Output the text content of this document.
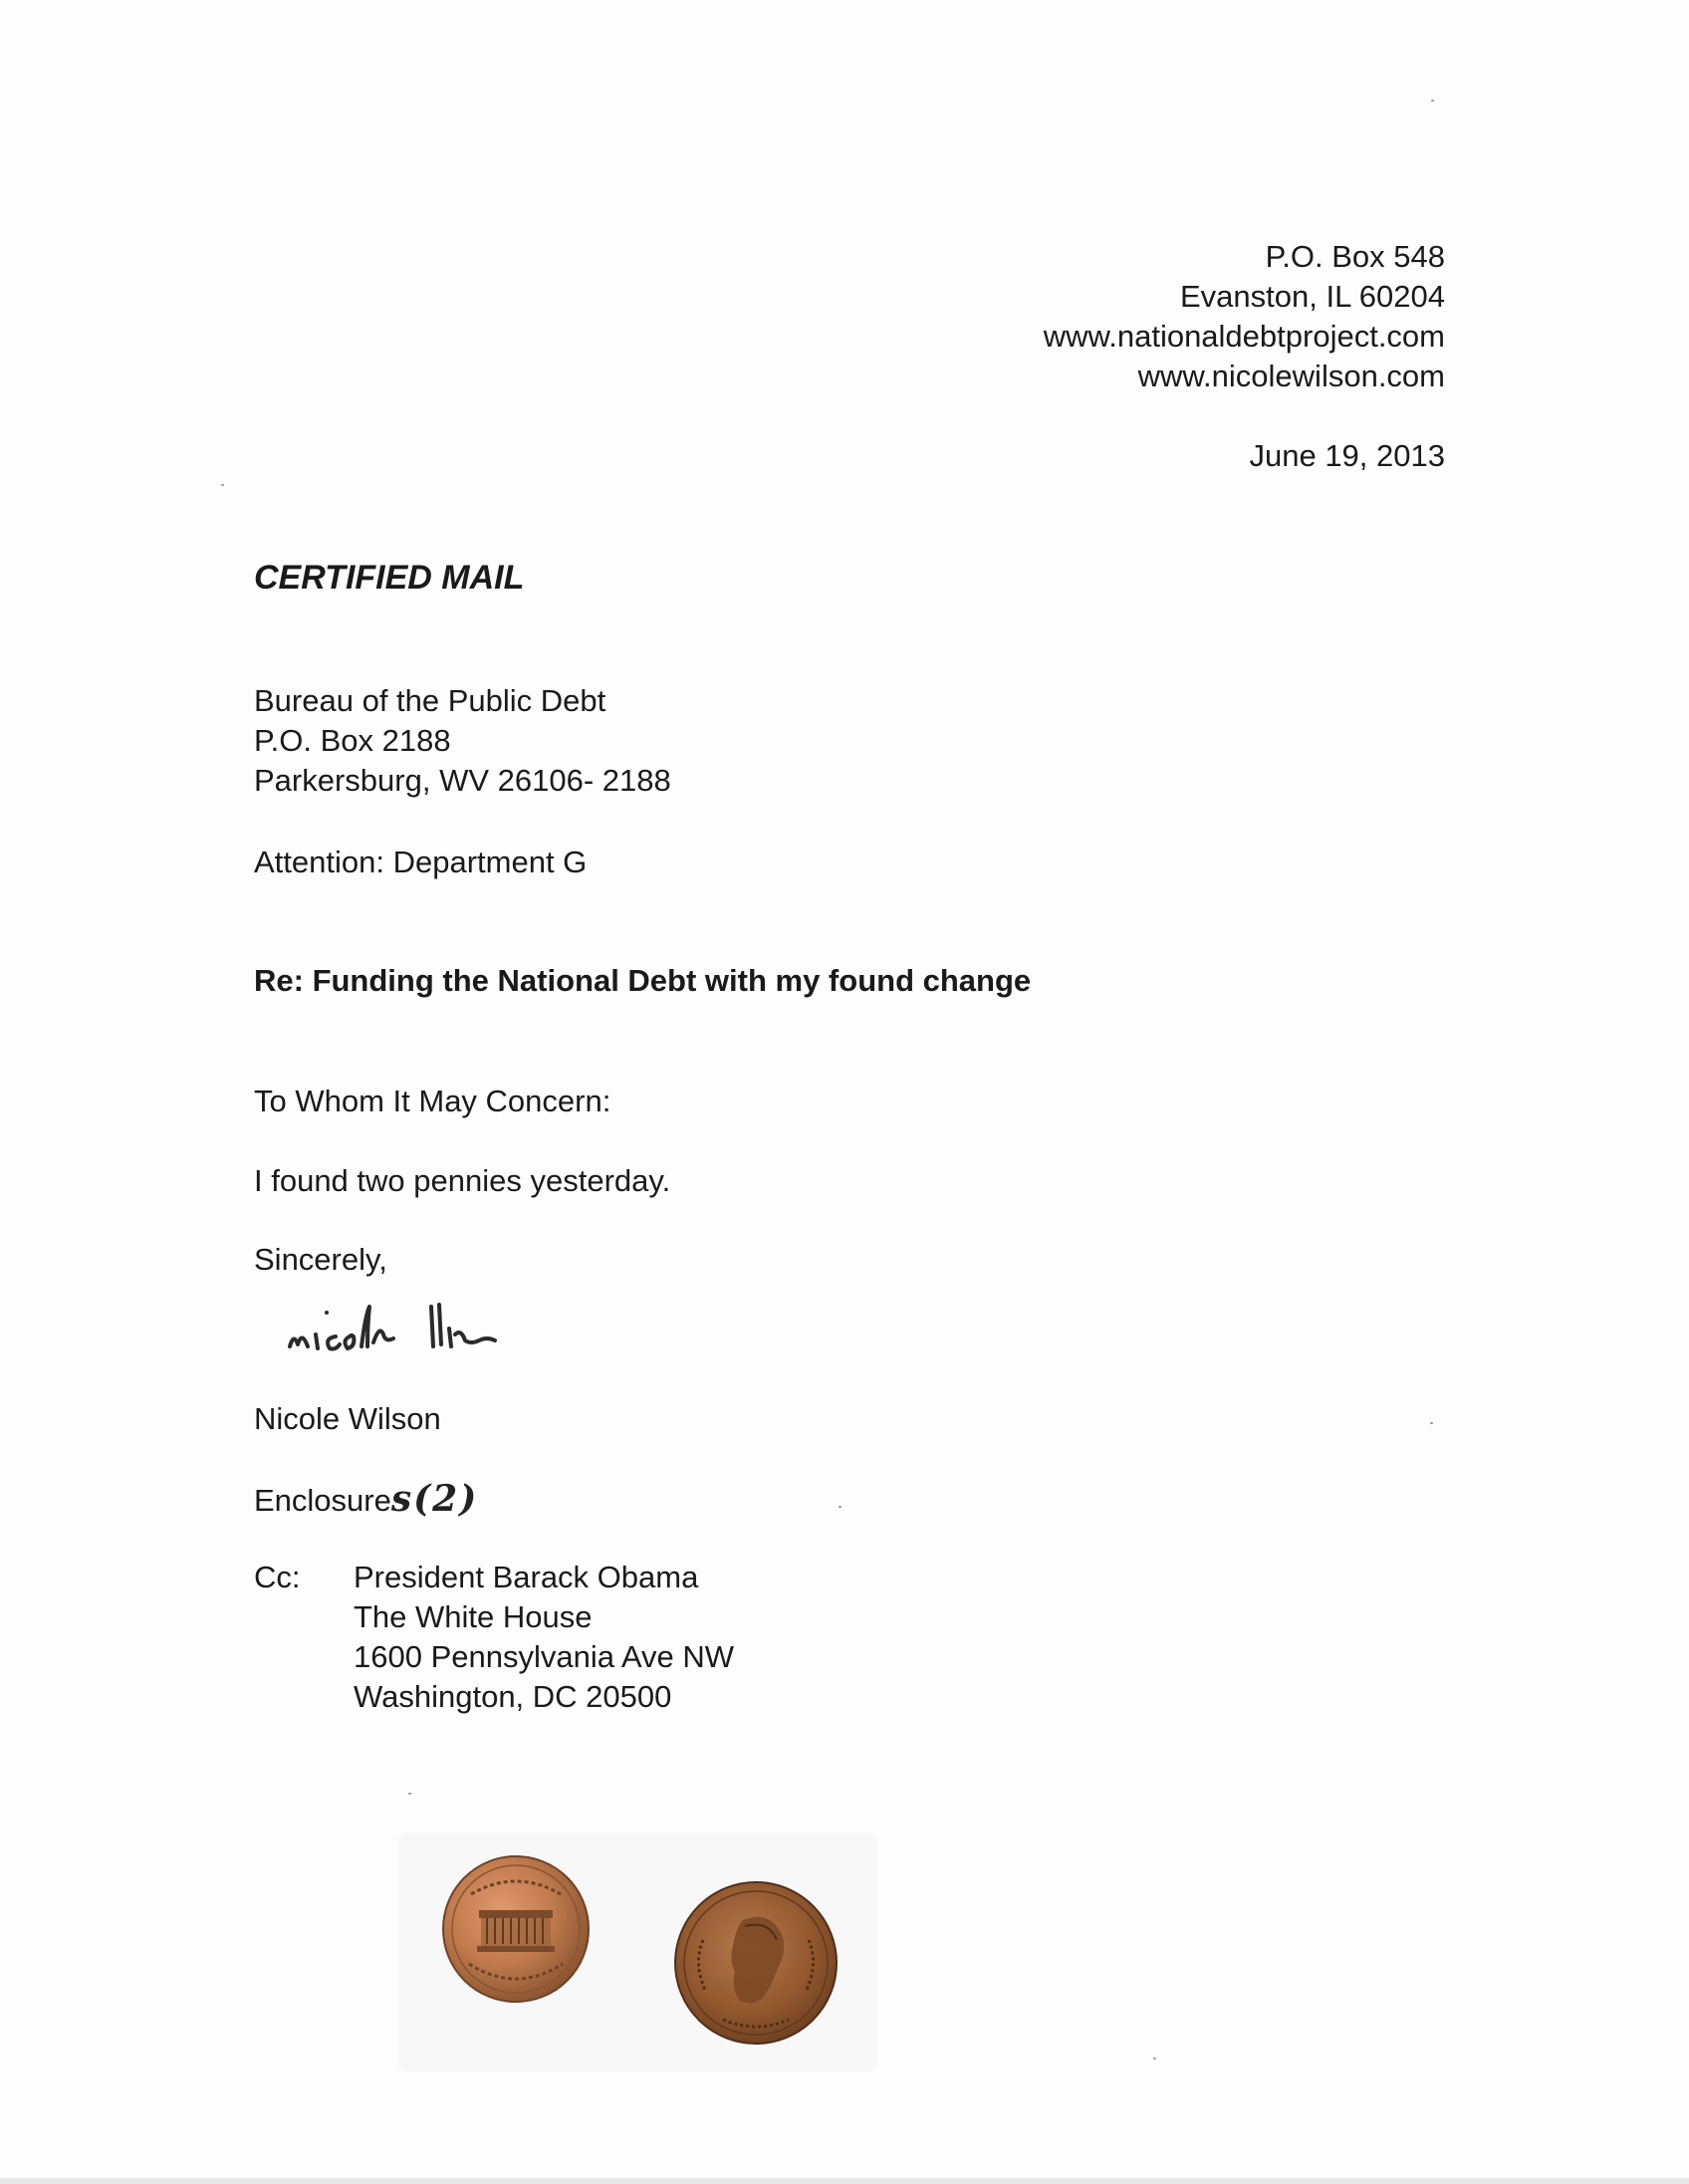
P.O. Box 548
Evanston, IL 60204
www.nationaldebtproject.com
www.nicolewilson.com
June 19, 2013
CERTIFIED MAIL
Bureau of the Public Debt
P.O. Box 2188
Parkersburg, WV 26106- 2188
Attention: Department G
Re: Funding the National Debt with my found change
To Whom It May Concern:
I found two pennies yesterday.
Sincerely,
Nicole Wilson
Enclosures(2)
Cc: President Barack Obama
The White House
1600 Pennsylvania Ave NW
Washington, DC 20500
